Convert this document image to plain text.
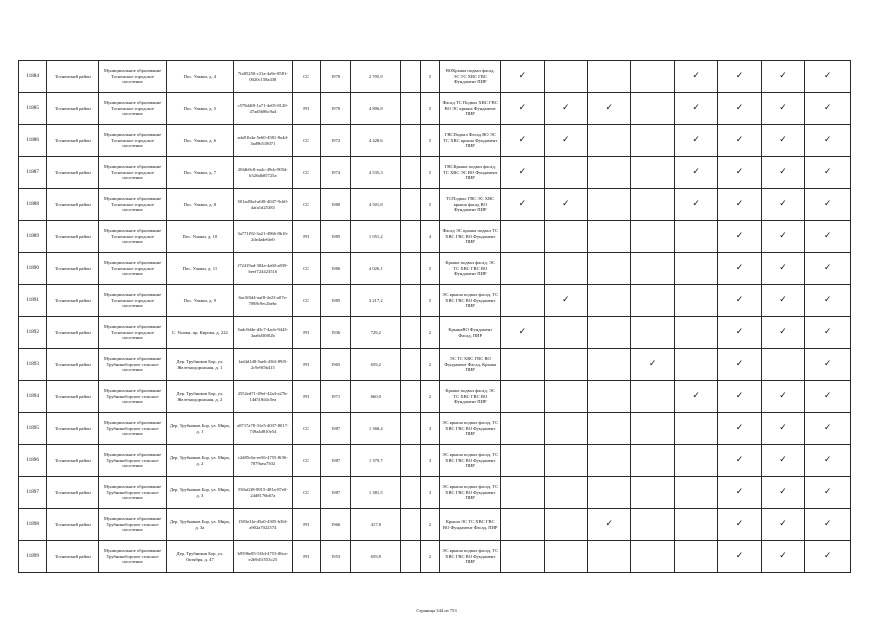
11884	Тосненский район	Муниципальное образование Тосненское городское поселение	Пос. Ушаки, д. 4	7fa85250-c31a-4a9e-8581-0020c158a438	СС	1970	2 705,9		5	ВОКрыша подвал фасад, ЭС ТС ХВС ГВС Фундамент ПИР	✓				✓	✓	✓	✓
11885	Тосненский район	Муниципальное образование Тосненское городское поселение	Пос. Ушаки, д. 5	c578d4f8-1a71-4e05-8120-47ad5b86c9a4	РО	1970	4 806,8		5	Фасад ТС Подвал ХВС ГВС ВО ЭС крыша Фундамент ПИР	✓	✓	✓		✓	✓	✓	✓
11886	Тосненский район	Муниципальное образование Тосненское городское поселение	Пос. Ушаки, д. 6	ada91b4a-5e60-4581-8a4d-3ad9b518071	СС	1972	4 428,6		5	ГВСПодвал Фасад ВО ЭС ТС ХВС крыша Фундамент ПИР	✓	✓			✓	✓	✓	✓
11887	Тосненский район	Муниципальное образование Тосненское городское поселение	Пос. Ушаки, д. 7	20fdb9c8-ea4c-49cb-905d-b526db85725a	СС	1974	4 535,3		5	ГВСКрыша подвал фасад, ТС ХВС ЭС ВО Фундамент ПИР	✓				✓	✓	✓	✓
11888	Тосненский район	Муниципальное образование Тосненское городское поселение	Пос. Ушаки, д. 8	501ad5bd-a6f8-4047-9cb0-4afa1d25383	СС	1980	4 501,8		5	ТСПодвал ГВС ЭС ХВС крыша фасад ВО Фундамент ПИР	✓	✓			✓	✓	✓	✓
11889	Тосненский район	Муниципальное образование Тосненское городское поселение	Пос. Ушаки, д. 10	3a771f92-3a21-4966-8b16-2de4ade6fe0	РО	1985	1 051,2		4	Фасад ЭС крыша подвал ТС ХВС ГВС ВО Фундамент ПИР						✓	✓	✓
11890	Тосненский район	Муниципальное образование Тосненское городское поселение	Пос. Ушаки, д. 11	f72419ad-384a-4a60-a839-beef724423516	СС	1986	4 026,1		5	Крыша подвал фасад, ЭС ТС ХВС ГВС ВО Фундамент ПИР						✓	✓	✓
11891	Тосненский район	Муниципальное образование Тосненское городское поселение	Пос. Ушаки, д. 9	6ac5f0d4-aaf8-4e23-a07e-7088c9ec2bebc	СС	1985	3 217,2		5	ЭС крыша подвал фасад, ТС ХВС ГВС ВО Фундамент ПИР		✓				✓	✓	✓
11892	Тосненский район	Муниципальное образование Тосненское городское поселение	С. Ушаки, пр. Кирова, д. 222	5adc9d4e-d3c7-4acb-9443-3aa6d30f02b	РО	1936	729,2		2	КрышаВО Фундамент Фасад, ПИР	✓					✓	✓	✓
11893	Тосненский район	Муниципальное образование Трубникоборское сельское поселение	Дер. Трубников Бор, ул. Железнодорожная, д. 1	1ad4d1d8-5ae6-436f-89f5-2c9e9f5b415	РО	1965	659,2		2	ЭС ТС ХВС ГВС ВО Фундамент Фасад, Крыша ПИР				✓		✓		✓
11894	Тосненский район	Муниципальное образование Трубникоборское сельское поселение	Дер. Трубников Бор, ул. Железнодорожная, д. 2	2552ed71-49ef-42a4-a27b-14d518d4c5ea	РО	1971	660,0		2	Крыша подвал фасад, ЭС ТС ХВС ГВС ВО Фундамент ПИР					✓	✓	✓	✓
11895	Тосненский район	Муниципальное образование Трубникоборское сельское поселение	Дер. Трубников Бор, ул. Мира, д. 1	a8717a78-31e5-4037-8017-739a4d810e54	СС	1987	1 368,4		3	ЭС крыша подвал фасад, ТС ХВС ГВС ВО Фундамент ПИР						✓	✓	✓
11896	Тосненский район	Муниципальное образование Трубникоборское сельское поселение	Дер. Трубников Бор, ул. Мира, д. 2	c2d85c6a-ee56-4755-8f36-7079aea7502	СС	1987	1 379,7		3	ЭС крыша подвал фасад, ТС ХВС ГВС ВО Фундамент ПИР						✓	✓	✓
11897	Тосненский район	Муниципальное образование Трубникоборское сельское поселение	Дер. Трубников Бор, ул. Мира, д. 3	550af2f8-8915-481a-87e0-24d8176b67a	СС	1987	1 381,5		3	ЭС крыша подвал фасад, ТС ХВС ГВС ВО Фундамент ПИР						✓	✓	✓
11898	Тосненский район	Муниципальное образование Трубникоборское сельское поселение	Дер. Трубников Бор, ул. Мира, д. 3а	1583e3fa-d5a0-4305-b36f-a902a7022574	РО	1966	417,8		2	Крыша ЭС ТС ХВС ГВС ВО Фундамент Фасад, ПИР			✓			✓	✓	✓
11899	Тосненский район	Муниципальное образование Трубникоборское сельское поселение	Дер. Трубников Бор, ул. Октября, д. 47	b9596e85-5f3d-4753-86ca-e2b9d1f553c25	РО	1953	659,8		2	ЭС крыша подвал фасад, ТС ХВС ГВС ВО Фундамент ПИР						✓	✓	✓
Страница 344 из 753
